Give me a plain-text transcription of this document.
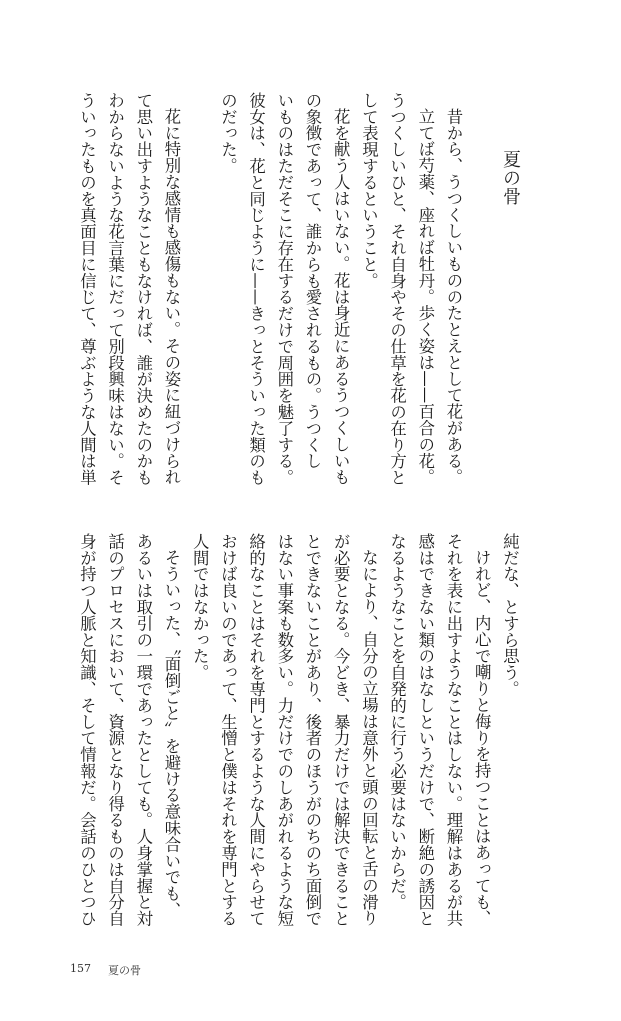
夏の骨
昔から、うつくしいもののたとえとして花がある。
立てば芍薬、座れば牡丹。歩く姿は——百合の花。
うつくしいひと、それ自身やその仕草を花の在り方と
して表現するということ。
花を献う人はいない。花は身近にあるうつくしいも
の象徴であって、誰からも愛されるもの。うつくし
いものはただそこに存在するだけで周囲を魅了する。
彼女は、花と同じように——きっとそういった類のも
のだった。
花に特別な感情も感傷もない。その姿に紐づけられ
て思い出すようなこともなければ、誰が決めたのかも
わからないような花言葉にだって別段興味はない。そ
ういったものを真面目に信じて、尊ぶような人間は単
純だな、とすら思う。
けれど、内心で嘲りと侮りを持つことはあっても、
それを表に出すようなことはしない。理解はあるが共
感はできない類のはなしというだけで、断絶の誘因と
なるようなことを自発的に行う必要はないからだ。
なにより、自分の立場は意外と頭の回転と舌の滑り
が必要となる。今どき、暴力だけでは解決できること
とできないことがあり、後者のほうがのちのち面倒で
はない事案も数多い。力だけでのしあがれるような短
絡的なことはそれを専門とするような人間にやらせて
おけば良いのであって、生憎と僕はそれを専門とする
人間ではなかった。
そういった、〝面倒ごと〟を避ける意味合いでも、
あるいは取引の一環であったとしても。人身掌握と対
話のプロセスにおいて、資源となり得るものは自分自
身が持つ人脈と知識、そして情報だ。会話のひとつひ
157 夏の骨
